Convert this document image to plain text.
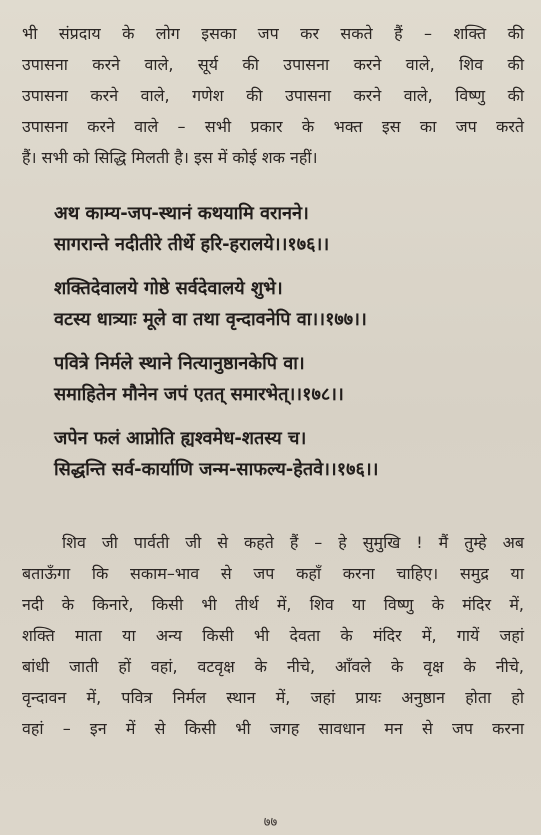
भी संप्रदाय के लोग इसका जप कर सकते हैं – शक्ति की
उपासना करने वाले, सूर्य की उपासना करने वाले, शिव की
उपासना करने वाले, गणेश की उपासना करने वाले, विष्णु की
उपासना करने वाले – सभी प्रकार के भक्त इस का जप करते
हैं। सभी को सिद्धि मिलती है। इस में कोई शक नहीं।
अथ काम्य-जप-स्थानं कथयामि वरानने।
सागरान्ते नदीतीरे तीर्थे हरि-हरालये।।१७६।।
शक्तिदेवालये गोष्ठे सर्वदेवालये शुभे।
वटस्य धात्र्याः मूले वा तथा वृन्दावनेपि वा।।१७७।।
पवित्रे निर्मले स्थाने नित्यानुष्ठानकेपि वा।
समाहितेन मौनेन जपं एतत् समारभेत्।।१७८।।
जपेन फलं आप्नोति ह्यश्वमेध-शतस्य च।
सिद्धन्ति सर्व-कार्याणि जन्म-साफल्य-हेतवे।।१७६।।
शिव जी पार्वती जी से कहते हैं – हे सुमुखि ! मैं तुम्हे अब
बताऊँगा कि सकाम–भाव से जप कहाँ करना चाहिए। समुद्र या
नदी के किनारे, किसी भी तीर्थ में, शिव या विष्णु के मंदिर में,
शक्ति माता या अन्य किसी भी देवता के मंदिर में, गायें जहां
बांधी जाती हों वहां, वटवृक्ष के नीचे, आँवले के वृक्ष के नीचे,
वृन्दावन में, पवित्र निर्मल स्थान में, जहां प्रायः अनुष्ठान होता हो
वहां – इन में से किसी भी जगह सावधान मन से जप करना
७७
